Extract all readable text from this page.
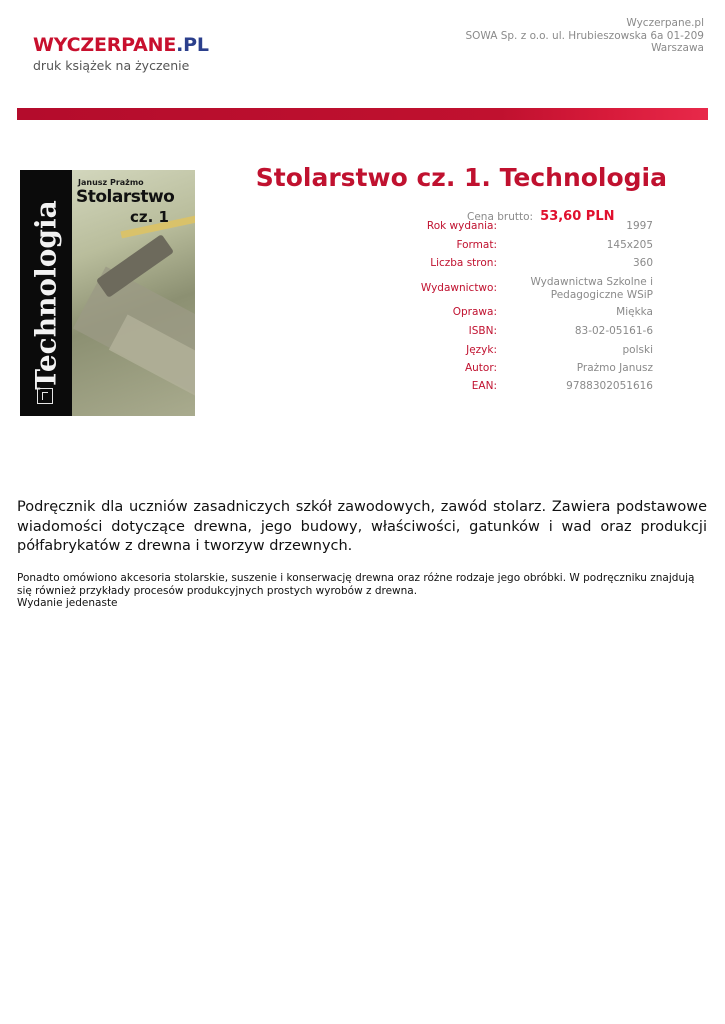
WYCZERPANE.PL
druk książek na życzenie
Wyczerpane.pl
SOWA Sp. z o.o. ul. Hrubieszowska 6a 01-209
Warszawa
Technologia
Janusz Prażmo
Stolarstwo
cz. 1
Stolarstwo cz. 1. Technologia
Cena brutto: 53,60 PLN
Rok wydania:	1997
Format:	145x205
Liczba stron:	360
Wydawnictwo:	Wydawnictwa Szkolne i Pedagogiczne WSiP
Oprawa:	Miękka
ISBN:	83-02-05161-6
Język:	polski
Autor:	Prażmo Janusz
EAN:	9788302051616
Podręcznik dla uczniów zasadniczych szkół zawodowych, zawód stolarz. Zawiera podstawowe wiadomości dotyczące drewna, jego budowy, właściwości, gatunków i wad oraz produkcji półfabrykatów z drewna i tworzyw drzewnych.
Ponadto omówiono akcesoria stolarskie, suszenie i konserwację drewna oraz różne rodzaje jego obróbki. W podręczniku znajdują się również przykłady procesów produkcyjnych prostych wyrobów z drewna.
Wydanie jedenaste
